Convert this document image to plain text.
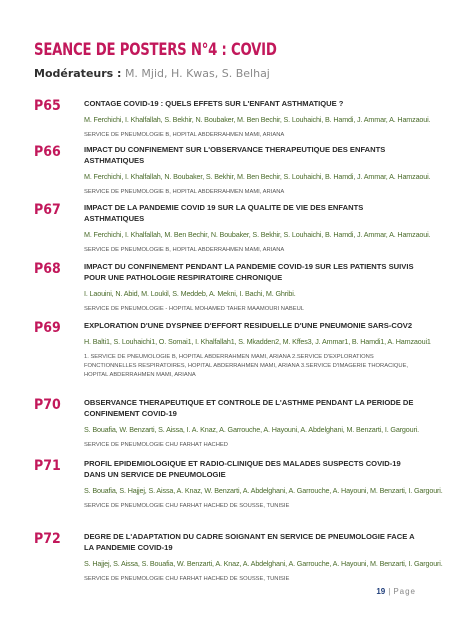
SEANCE DE POSTERS N°4 : COVID
Modérateurs : M. Mjid, H. Kwas, S. Belhaj
P65	CONTAGE COVID-19 : QUELS EFFETS SUR L'ENFANT ASTHMATIQUE ?
M. Ferchichi, I. Khalfallah, S. Bekhir, N. Boubaker, M. Ben Bechir, S. Louhaichi, B. Hamdi, J. Ammar, A. Hamzaoui.
SERVICE DE PNEUMOLOGIE B, HOPITAL ABDERRAHMEN MAMI, ARIANA
P66	IMPACT DU CONFINEMENT SUR L'OBSERVANCE THERAPEUTIQUE DES ENFANTS ASTHMATIQUES
M. Ferchichi, I. Khalfallah, N. Boubaker, S. Bekhir, M. Ben Bechir, S. Louhaichi, B. Hamdi, J. Ammar, A. Hamzaoui.
SERVICE DE PNEUMOLOGIE B, HOPITAL ABDERRAHMEN MAMI, ARIANA
P67	IMPACT DE LA PANDEMIE COVID 19 SUR LA QUALITE DE VIE DES ENFANTS ASTHMATIQUES
M. Ferchichi, I. Khalfallah, M. Ben Bechir, N. Boubaker, S. Bekhir, S. Louhaichi, B. Hamdi, J. Ammar, A. Hamzaoui.
SERVICE DE PNEUMOLOGIE B, HOPITAL ABDERRAHMEN MAMI, ARIANA
P68	IMPACT DU CONFINEMENT PENDANT LA PANDEMIE COVID-19 SUR LES PATIENTS SUIVIS POUR UNE PATHOLOGIE RESPIRATOIRE CHRONIQUE
I. Laouini, N. Abid, M. Loukil, S. Meddeb, A. Mekni, I. Bachi, M. Ghribi.
SERVICE DE PNEUMOLOGIE - HOPITAL MOHAMED TAHER MAAMOURI NABEUL
P69	EXPLORATION D'UNE DYSPNEE D'EFFORT RESIDUELLE D'UNE PNEUMONIE SARS-COV2
H. Balti1, S. Louhaichi1, O. Somai1, I. Khalfallah1, S. Mkadden2, M. Kffes3, J. Ammar1, B. Hamdi1, A. Hamzaoui1
1. SERVICE DE PNEUMOLOGIE B, HOPITAL ABDERRAHMEN MAMI, ARIANA 2.SERVICE D'EXPLORATIONS FONCTIONNELLES RESPIRATOIRES, HOPITAL ABDERRAHMEN MAMI, ARIANA 3.SERVICE D'IMAGERIE THORACIQUE, HOPITAL ABDERRAHMEN MAMI, ARIANA
P70	OBSERVANCE THERAPEUTIQUE ET CONTROLE DE L'ASTHME PENDANT LA PERIODE DE CONFINEMENT COVID-19
S. Bouafia, W. Benzarti, S. Aissa, I. A. Knaz, A. Garrouche, A. Hayouni, A. Abdelghani, M. Benzarti, I. Gargouri.
SERVICE DE PNEUMOLOGIE CHU FARHAT HACHED
P71	PROFIL EPIDEMIOLOGIQUE ET RADIO-CLINIQUE DES MALADES SUSPECTS COVID-19 DANS UN SERVICE DE PNEUMOLOGIE
S. Bouafia, S. Hajjej, S. Aissa, A. Knaz, W. Benzarti, A. Abdelghani, A. Garrouche, A. Hayouni, M. Benzarti, I. Gargouri.
SERVICE DE PNEUMOLOGIE CHU FARHAT HACHED DE SOUSSE, TUNISIE
P72	DEGRE DE L'ADAPTATION DU CADRE SOIGNANT EN SERVICE DE PNEUMOLOGIE FACE A LA PANDEMIE COVID-19
S. Hajjej, S. Aissa, S. Bouafia, W. Benzarti, A. Knaz, A. Abdelghani, A. Garrouche, A. Hayouni, M. Benzarti, I. Gargouri.
SERVICE DE PNEUMOLOGIE CHU FARHAT HACHED DE SOUSSE, TUNISIE
19 | Page
